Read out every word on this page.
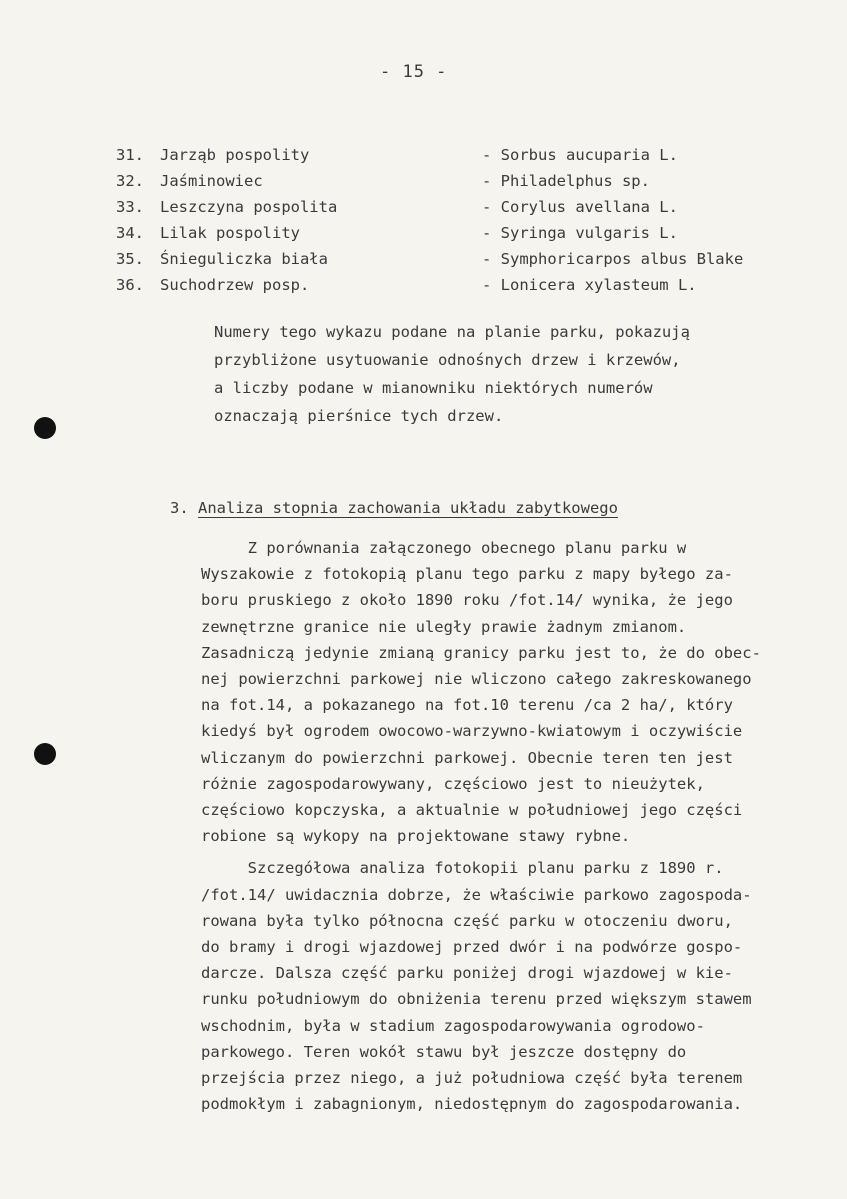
- 15 -
31. Jarząb pospolity	- Sorbus aucuparia L.
32. Jaśminowiec	- Philadelphus sp.
33. Leszczyna pospolita	- Corylus avellana L.
34. Lilak pospolity	- Syringa vulgaris L.
35. Śnieguliczka biała	- Symphoricarpos albus Blake
36. Suchodrzew posp.	- Lonicera xylasteum L.
Numery tego wykazu podane na planie parku, pokazują
przybliżone usytuowanie odnośnych drzew i krzewów,
a liczby podane w mianowniku niektórych numerów
oznaczają pierśnice tych drzew.
3. Analiza stopnia zachowania układu zabytkowego
Z porównania załączonego obecnego planu parku w
Wyszakowie z fotokopią planu tego parku z mapy byłego za-
boru pruskiego z około 1890 roku /fot.14/ wynika, że jego
zewnętrzne granice nie uległy prawie żadnym zmianom.
Zasadniczą jedynie zmianą granicy parku jest to, że do obec-
nej powierzchni parkowej nie wliczono całego zakreskowanego
na fot.14, a pokazanego na fot.10 terenu /ca 2 ha/, który
kiedyś był ogrodem owocowo-warzywno-kwiatowym i oczywiście
wliczanym do powierzchni parkowej. Obecnie teren ten jest
różnie zagospodarowywany, częściowo jest to nieużytek,
częściowo kopczyska, a aktualnie w południowej jego części
robione są wykopy na projektowane stawy rybne.
Szczegółowa analiza fotokopii planu parku z 1890 r.
/fot.14/ uwidacznia dobrze, że właściwie parkowo zagospoda-
rowana była tylko północna część parku w otoczeniu dworu,
do bramy i drogi wjazdowej przed dwór i na podwórze gospo-
darcze. Dalsza część parku poniżej drogi wjazdowej w kie-
runku południowym do obniżenia terenu przed większym stawem
wschodnim, była w stadium zagospodarowywania ogrodowo-
parkowego. Teren wokół stawu był jeszcze dostępny do
przejścia przez niego, a już południowa część była terenem
podmokłym i zabagnionym, niedostępnym do zagospodarowania.
